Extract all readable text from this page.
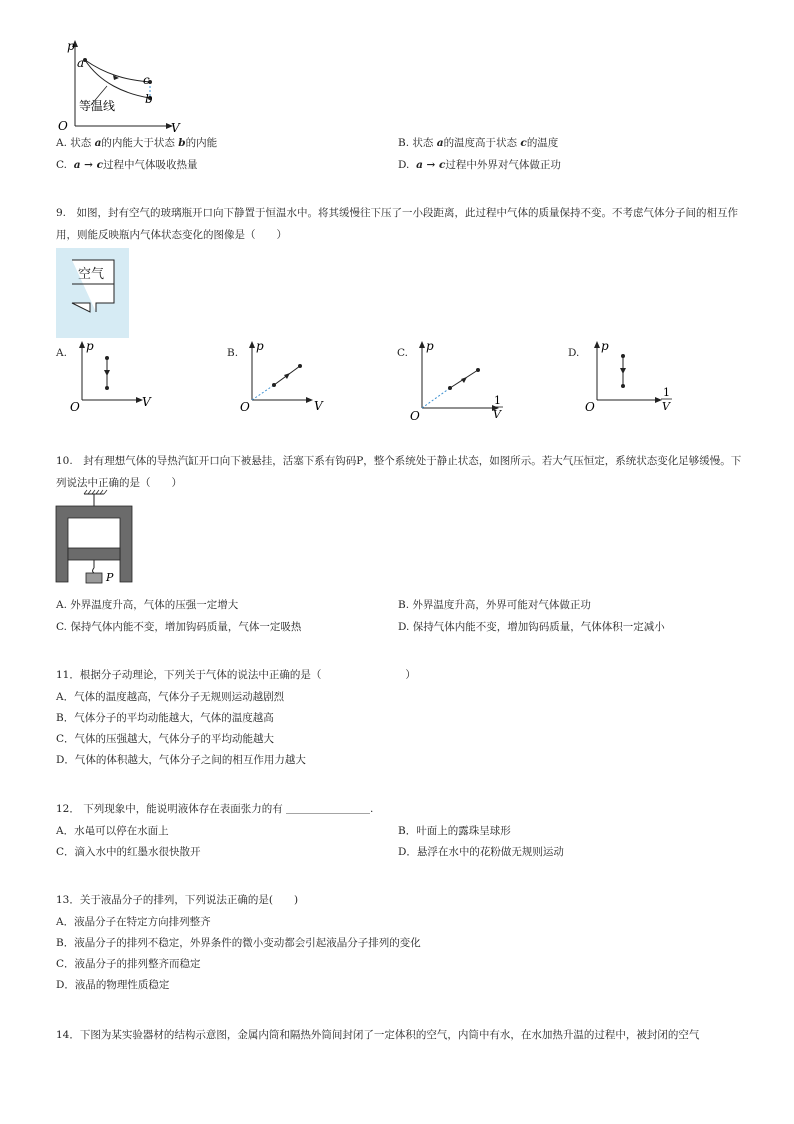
p
V
O
a
c
b
等温线
A. 状态 a的内能大于状态 b的内能	B. 状态 a的温度高于状态 c的温度
C. a → c过程中气体吸收热量	D. a → c过程中外界对气体做正功
9.　如图，封有空气的玻璃瓶开口向下静置于恒温水中。将其缓慢往下压了一小段距离，此过程中气体的质量保持不变。不考虑气体分子间的相互作用，则能反映瓶内气体状态变化的图像是（　　）
空气
A. p
V
O
B. p
V
O
C. p
1
V
O
D. p
1
V
O
10.　封有理想气体的导热汽缸开口向下被悬挂，活塞下系有钩码P，整个系统处于静止状态，如图所示。若大气压恒定，系统状态变化足够缓慢。下列说法中正确的是（　　）
P
A. 外界温度升高，气体的压强一定增大	B. 外界温度升高，外界可能对气体做正功
C. 保持气体内能不变，增加钩码质量，气体一定吸热	D. 保持气体内能不变，增加钩码质量，气体体积一定减小
11．根据分子动理论，下列关于气体的说法中正确的是（　　　　　　　　）
A．气体的温度越高，气体分子无规则运动越剧烈
B．气体分子的平均动能越大，气体的温度越高
C．气体的压强越大，气体分子的平均动能越大
D．气体的体积越大，气体分子之间的相互作用力越大
12． 下列现象中，能说明液体存在表面张力的有 ＿＿＿＿＿＿＿＿.
A．水黾可以停在水面上	B．叶面上的露珠呈球形
C．滴入水中的红墨水很快散开	D．悬浮在水中的花粉做无规则运动
13．关于液晶分子的排列，下列说法正确的是(　　)
A．液晶分子在特定方向排列整齐
B．液晶分子的排列不稳定，外界条件的微小变动都会引起液晶分子排列的变化
C．液晶分子的排列整齐而稳定
D．液晶的物理性质稳定
14．下图为某实验器材的结构示意图，金属内筒和隔热外筒间封闭了一定体积的空气，内筒中有水，在水加热升温的过程中，被封闭的空气
